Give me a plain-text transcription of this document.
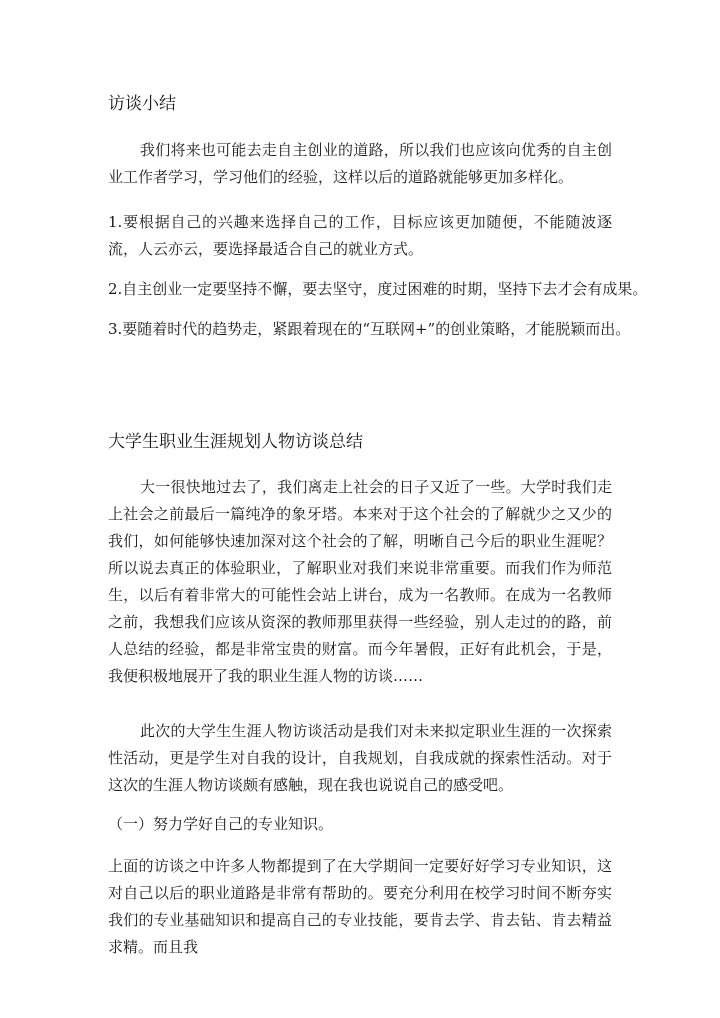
访谈小结

我们将来也可能去走自主创业的道路，所以我们也应该向优秀的自主创业工作者学习，学习他们的经验，这样以后的道路就能够更加多样化。

1.要根据自己的兴趣来选择自己的工作，目标应该更加随便，不能随波逐流，人云亦云，要选择最适合自己的就业方式。

2.自主创业一定要坚持不懈，要去坚守，度过困难的时期，坚持下去才会有成果。

3.要随着时代的趋势走，紧跟着现在的“互联网+”的创业策略，才能脱颖而出。

大学生职业生涯规划人物访谈总结

大一很快地过去了，我们离走上社会的日子又近了一些。大学时我们走上社会之前最后一篇纯净的象牙塔。本来对于这个社会的了解就少之又少的我们，如何能够快速加深对这个社会的了解，明晰自己今后的职业生涯呢？所以说去真正的体验职业，了解职业对我们来说非常重要。而我们作为师范生，以后有着非常大的可能性会站上讲台，成为一名教师。在成为一名教师之前，我想我们应该从资深的教师那里获得一些经验，别人走过的的路，前人总结的经验，都是非常宝贵的财富。而今年暑假，正好有此机会，于是，我便积极地展开了我的职业生涯人物的访谈……

此次的大学生生涯人物访谈活动是我们对未来拟定职业生涯的一次探索性活动，更是学生对自我的设计，自我规划，自我成就的探索性活动。对于这次的生涯人物访谈颇有感触，现在我也说说自己的感受吧。

（一）努力学好自己的专业知识。

上面的访谈之中许多人物都提到了在大学期间一定要好好学习专业知识，这对自己以后的职业道路是非常有帮助的。要充分利用在校学习时间不断夯实我们的专业基础知识和提高自己的专业技能，要肯去学、肯去钻、肯去精益求精。而且我
